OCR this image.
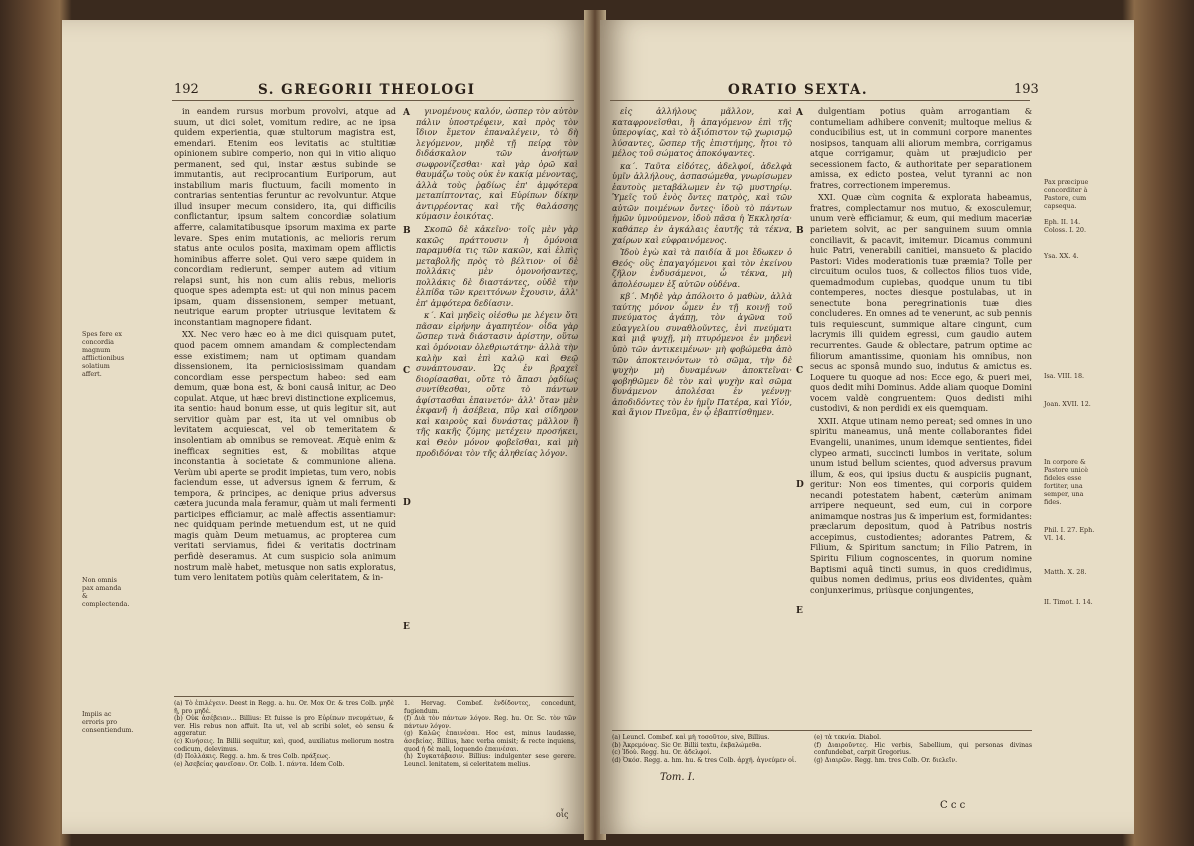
192	S. GREGORII THEOLOGI
Spes fere ex concordia magnum afflictionibus solatium affert.
Non omnis pax amanda & complectenda.
Impiis ac erroris pro consentiendum.

in eandem rursus morbum provolvi, atque ad suum, ut dici solet, vomitum redire, ac ne ipsa quidem experientia, quæ stultorum magistra est, emendari. Etenim eos levitatis ac stultitiæ opinionem subire comperio, non qui in vitio aliquo permanent, sed qui, instar æstus subinde se immutantis, aut reciprocantium Euriporum, aut instabilium maris fluctuum, facili momento in contrarias sententias feruntur ac revolvuntur. Atque illud insuper mecum considero, ita, qui difficilis conflictantur, ipsum saltem concordiæ solatium afferre, calamitatibusque ipsorum maxima ex parte levare. Spes enim mutationis, ac melioris rerum status ante oculos posita, maximam opem afflictis hominibus afferre solet. Qui vero sæpe quidem in concordiam redierunt, semper autem ad vitium relapsi sunt, his non cum aliis rebus, melioris quoque spes adempta est: ut qui non minus pacem ipsam, quam dissensionem, semper metuant, neutrique earum propter utriusque levitatem & inconstantiam magnopere fidant.

XX. Nec vero hæc eo à me dici quisquam putet, quod pacem omnem amandam & complectendam esse existimem; nam ut optimam quandam dissensionem, ita perniciosissimam quandam concordiam esse perspectum habeo: sed eam demum, quæ bona est, & boni causâ initur, ac Deo copulat. Atque, ut hæc brevi distinctione explicemus, ita sentio: haud bonum esse, ut quis legitur sit, aut servitior quàm par est, ita ut vel omnibus ob levitatem acquiescat, vel ob temeritatem & insolentiam ab omnibus se removeat. Æquè enim & inefficax segnities est, & mobilitas atque inconstantia à societate & communione aliena. Verùm ubi aperte se prodit impietas, tum vero, nobis faciendum esse, ut adversus ignem & ferrum, & tempora, & principes, ac denique prius adversus cætera jucunda mala feramur, quàm ut mali fermenti participes efficiamur, ac malè affectis assentiamur: nec quidquam perinde metuendum est, ut ne quid magis quàm Deum metuamus, ac propterea cum veritati serviamus, fidei & veritatis doctrinam perfidè deseramus. At cum suspicio sola animum nostrum malè habet, metusque non satis exploratus, tum vero lenitatem potiùs quàm celeritatem, & in-

A
B
C
D
E

γινομένους καλόν, ὡσπερ τὸν αὐτὸν πάλιν ὑποστρέφειν, καὶ πρὸς τὸν ἴδιον ἔμετον ἐπαναλέγειν, τὸ δὴ λεγόμενον, μηδὲ τῇ πείρᾳ τὸν διδάσκαλον τῶν ἀνοήτων σωφρονίζεσθαι· καὶ γὰρ ὁρῶ καὶ θαυμάζω τοὺς οὐκ ἐν κακίᾳ μένοντας, ἀλλὰ τοὺς ῥᾳδίως ἐπ' ἀμφότερα μεταπίπτοντας, καὶ Εὐρίπων δίκην ἀντιρρέοντας καὶ τῆς θαλάσσης κύμασιν ἐοικότας.

Σκοπῶ δὲ κἀκεῖνο· τοῖς μὲν γὰρ κακῶς πράττουσιν ἡ ὁμόνοια παραμυθία τις τῶν κακῶν, καὶ ἐλπὶς μεταβολῆς πρὸς τὸ βέλτιον· οἱ δὲ πολλάκις μὲν ὁμονοήσαντες, πολλάκις δὲ διαστάντες, οὐδὲ τὴν ἐλπίδα τῶν κρειττόνων ἔχουσιν, ἀλλ' ἐπ' ἀμφότερα δεδίασιν.

κ΄. Καὶ μηδεὶς οἰέσθω με λέγειν ὅτι πᾶσαν εἰρήνην ἀγαπητέον· οἶδα γὰρ ὥσπερ τινὰ διάστασιν ἀρίστην, οὕτω καὶ ὁμόνοιαν ὀλεθριωτάτην· ἀλλὰ τὴν καλὴν καὶ ἐπὶ καλῷ καὶ Θεῷ συνάπτουσαν. Ὡς ἐν βραχεῖ διορίσασθαι, οὔτε τὸ ἅπασι ῥᾳδίως συντίθεσθαι, οὔτε τὸ πάντων ἀφίστασθαι ἐπαινετόν· ἀλλ' ὅταν μὲν ἐκφανῆ ἡ ἀσέβεια, πῦρ καὶ σίδηρον καὶ καιροὺς καὶ δυνάστας μᾶλλον ἢ τῆς κακῆς ζύμης μετέχειν προσήκει, καὶ Θεὸν μόνον φοβεῖσθαι, καὶ μὴ προδιδόναι τὸν τῆς ἀληθείας λόγον.

(a) Τὸ ἐπιλέγειν. Deest in Regg. a. hu. Or. Mox Or. & tres Colb. μηδὲ ἢ, pro μηδέ.
(b) Οὐκ ἀσέβειαν... Billius: Et fuisse is pro Εὐρίπων πνευμάτων, & ver. His rebus non affuit. Ita ut, vel ab scribi solet, eò sensu & aggeratur.
(c) Κινήσεις. In Billii sequitur, καὶ, quod, auxiliatus meliorum nostra codicum, delevimus.
(d) Πολλάκις. Regg. a. hm. & tres Colb. πράξεως.
(e) Ἀσεβείας φανεῖσαν. Or. Colb. 1. πάντα. Idem Colb.
1. Hervag. Combef. ἐνδίδοντες, concedunt, fugiendum.
(f) Διὰ τὸν πάντων λόγον. Reg. hu. Or. Sc. τὸν τῶν πάντων λόγον.
(g) Καλῶς ἐπαινέσαι. Hoc est, minus laudasse, ἀσεβείας. Billius, hæc verba omisit; & recte inquiens, quod ἡ δὲ mali, loquendo ἐπαινέσαι.
(h) Συγκατάβασιν. Billius: indulgenter sese gerere. Leuncl. lenitatem, si celeritatem melius.
οἷς
ORATIO SEXTA.	193

εἰς ἀλλήλους μᾶλλον, καὶ καταφρονεῖσθαι, ἢ ἀπαγόμενον ἐπὶ τῆς ὑπεροψίας, καὶ τὸ ἀξιόπιστον τῷ χωρισμῷ λύσαντες, ὥσπερ τῆς ἐπιστήμης, ἤτοι τὸ μέλος τοῦ σώματος ἀποκόψαντες.

κα΄. Ταῦτα εἰδότες, ἀδελφοί, ἀδελφὰ ὑμῖν ἀλλήλους, ἀσπασώμεθα, γνωρίσωμεν ἑαυτοὺς μεταβάλωμεν ἐν τῷ μυστηρίῳ. Ὑμεῖς τοῦ ἑνὸς ὄντες πατρὸς, καὶ τῶν αὐτῶν ποιμένων ὄντες· ἰδοὺ τὸ πάντων ἡμῶν ὑμνούμενον, ἰδοὺ πᾶσα ἡ Ἐκκλησία· καθάπερ ἐν ἀγκάλαις ἑαυτῆς τὰ τέκνα, χαίρων καὶ εὐφραινόμενος.

Ἰδοὺ ἐγὼ καὶ τὰ παιδία ἅ μοι ἔδωκεν ὁ Θεός· οὓς ἐπαγαγόμενοι καὶ τὸν ἐκείνου ζῆλον ἐνδυσάμενοι, ὦ τέκνα, μὴ ἀπολέσωμεν ἐξ αὐτῶν οὐδένα.

κβ΄. Μηδὲ γὰρ ἀπόλοιτο ὁ μαθὼν, ἀλλὰ ταύτης μόνον ὦμεν ἐν τῇ κοινῇ τοῦ πνεύματος ἀγάπῃ, τὸν ἀγῶνα τοῦ εὐαγγελίου συναθλοῦντες, ἑνὶ πνεύματι καὶ μιᾷ ψυχῇ, μὴ πτυρόμενοι ἐν μηδενὶ ὑπὸ τῶν ἀντικειμένων· μὴ φοβώμεθα ἀπὸ τῶν ἀποκτεινόντων τὸ σῶμα, τὴν δὲ ψυχὴν μὴ δυναμένων ἀποκτεῖναι· φοβηθῶμεν δὲ τὸν καὶ ψυχὴν καὶ σῶμα δυνάμενον ἀπολέσαι ἐν γεέννῃ· ἀποδιδόντες τὸν ἐν ἡμῖν Πατέρα, καὶ Υἱόν, καὶ ἅγιον Πνεῦμα, ἐν ᾧ ἐβαπτίσθημεν.

A
B
C
D
E

dulgentiam potius quàm arrogantiam & contumeliam adhibere convenit; multoque melius & conducibilius est, ut in communi corpore manentes nosipsos, tanquam alii aliorum membra, corrigamus atque corrigamur, quàm ut præjudicio per secessionem facto, & authoritate per separationem amissa, ex edicto postea, velut tyranni ac non fratres, correctionem imperemus.

XXI. Quæ cùm cognita & explorata habeamus, fratres, complectamur nos mutuo, & exosculemur, unum verè efficiamur, & eum, qui medium maceriæ parietem solvit, ac per sanguinem suum omnia conciliavit, & pacavit, imitemur. Dicamus communi huic Patri, venerabili canitiei, mansueto & placido Pastori: Vides moderationis tuæ præmia? Tolle per circuitum oculos tuos, & collectos filios tuos vide, quemadmodum cupiebas, quodque unum tu tibi contemperes, noctes diesque postulabas, ut in senectute bona peregrinationis tuæ dies concluderes. En omnes ad te venerunt, ac sub pennis tuis requiescunt, summique altare cingunt, cum lacrymis illi quidem egressi, cum gaudio autem recurrentes. Gaude & oblectare, patrum optime ac filiorum amantissime, quoniam his omnibus, non secus ac sponsâ mundo suo, indutus & amictus es. Loquere tu quoque ad nos: Ecce ego, & pueri mei, quos dedit mihi Dominus. Adde aliam quoque Domini vocem valdè congruentem: Quos dedisti mihi custodivi, & non perdidi ex eis quemquam.

XXII. Atque utinam nemo pereat; sed omnes in uno spiritu maneamus, unâ mente collaborantes fidei Evangelii, unanimes, unum idemque sentientes, fidei clypeo armati, succincti lumbos in veritate, solum unum istud bellum scientes, quod adversus pravum illum, & eos, qui ipsius ductu & auspiciis pugnant, geritur: Non eos timentes, qui corporis quidem necandi potestatem habent, cæterùm animam arripere nequeunt, sed eum, cui in corpore animamque nostras jus & imperium est, formidantes: præclarum depositum, quod à Patribus nostris accepimus, custodientes; adorantes Patrem, & Filium, & Spiritum sanctum; in Filio Patrem, in Spiritu Filium cognoscentes, in quorum nomine Baptismi aquâ tincti sumus, in quos credidimus, quibus nomen dedimus, prius eos dividentes, quàm conjunxerimus, priùsque conjungentes,

Pax præcipue concorditer à Pastore, cum capsequa.
Eph. II. 14. Coloss. I. 20.
Ysa. XX. 4.
Isa. VIII. 18.
Joan. XVII. 12.
In corpore & Pastore unicè fideles esse fortiter, una semper, una fides.
Phil. I. 27. Eph. VI. 14.
Matth. X. 28.
II. Timot. I. 14.
(a) Leuncl. Combef. καὶ μὴ τοσοῦτον, sive, Billius.
(b) Ἀκρεμόνας. Sic Or. Billii textu, ἐκβαλώμεθα.
(c) Ἰδοὺ. Regg. hu. Or. ἀδελφοί.
(d) Ὁκόσ. Regg. a. hm. hu. & tres Colb. ἀρχή. ἁγνεύμεν οἱ.
(e) τὰ τεκνία. Diabol.
(f) Διαιροῦντες. Hic verbis, Sabellium, qui personas divinas confundebat, carpit Gregorius.
(g) Διαιρῶν. Regg. hm. tres Colb. Or. διελεῖν.
Tom. I.
C c c
